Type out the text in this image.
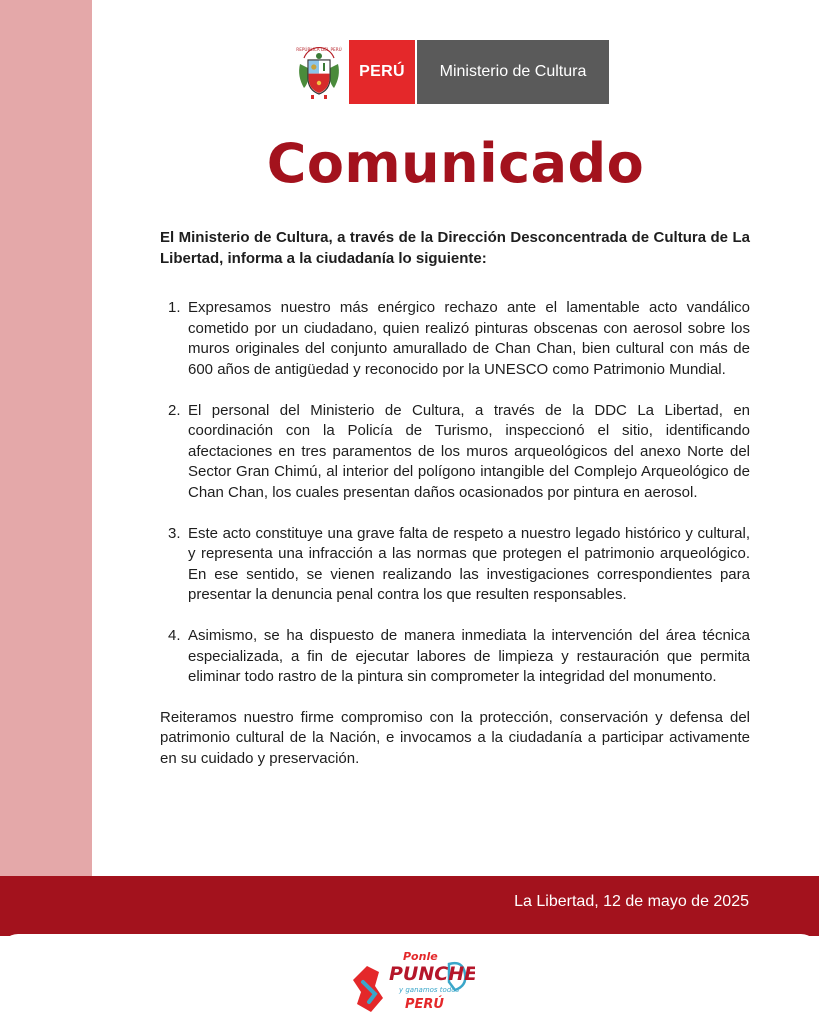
REPÚBLICA DEL PERÚ
PERÚ	Ministerio de Cultura
Comunicado

El Ministerio de Cultura, a través de la Dirección Desconcentrada de Cultura de La Libertad, informa a la ciudadanía lo siguiente:

1. Expresamos nuestro más enérgico rechazo ante el lamentable acto vandálico cometido por un ciudadano, quien realizó pinturas obscenas con aerosol sobre los muros originales del conjunto amurallado de Chan Chan, bien cultural con más de 600 años de antigüedad y reconocido por la UNESCO como Patrimonio Mundial.
2. El personal del Ministerio de Cultura, a través de la DDC La Libertad, en coordinación con la Policía de Turismo, inspeccionó el sitio, identificando afectaciones en tres paramentos de los muros arqueológicos del anexo Norte del Sector Gran Chimú, al interior del polígono intangible del Complejo Arqueológico de Chan Chan, los cuales presentan daños ocasionados por pintura en aerosol.
3. Este acto constituye una grave falta de respeto a nuestro legado histórico y cultural, y representa una infracción a las normas que protegen el patrimonio arqueológico. En ese sentido, se vienen realizando las investigaciones correspondientes para presentar la denuncia penal contra los que resulten responsables.
4. Asimismo, se ha dispuesto de manera inmediata la intervención del área técnica especializada, a fin de ejecutar labores de limpieza y restauración que permita eliminar todo rastro de la pintura sin comprometer la integridad del monumento.

Reiteramos nuestro firme compromiso con la protección, conservación y defensa del patrimonio cultural de la Nación, e invocamos a la ciudadanía a participar activamente en su cuidado y preservación.

La Libertad, 12 de mayo de 2025
Ponle
PUNCHE
y ganamos todos
PERÚ
